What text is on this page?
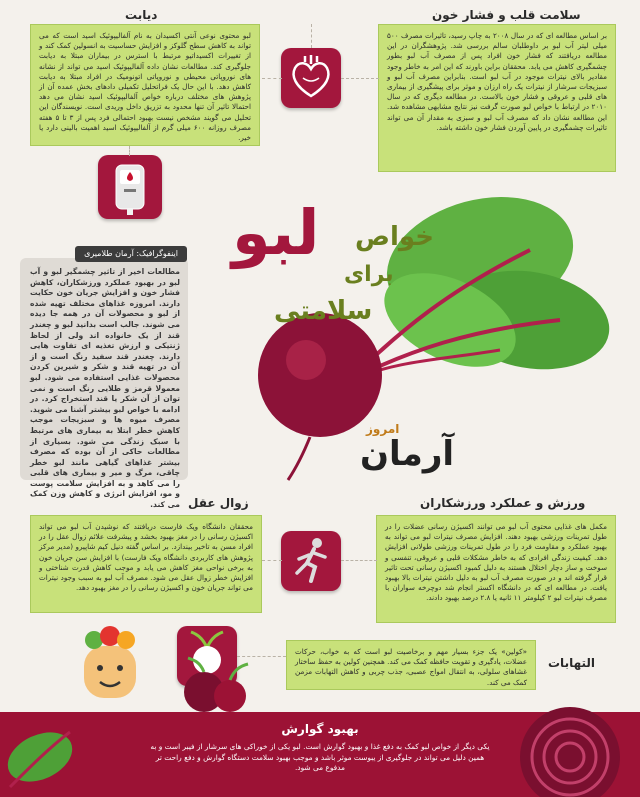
دیابت
لبو محتوی نوعی آنتی اکسیدان به نام آلفالیپوئیک اسید است که می تواند به کاهش سطح گلوکز و افزایش حساسیت به انسولین کمک کند و از تغییرات اکسیداتیو مرتبط با استرس در بیماران مبتلا به دیابت جلوگیری کند. مطالعات نشان داده آلفالیپوئیک اسید می تواند از نشانه های نوروپاتی محیطی و نوروپاتی اتونومیک در افراد مبتلا به دیابت کاهش دهد. با این حال یک فراتحلیل تکمیلی دادهای بخش عمده آن از پژوهش های مختلف درباره خواص آلفالیپوئیک اسید نشان می دهد احتمالا تاثیر آن تنها محدود به تزریق داخل وریدی است. نویسندگان این تحلیل می گویند مشخص نیست بهبود احتمالی فرد پس از ۳ تا ۵ هفته مصرف روزانه ۶۰۰ میلی گرم از آلفالیپوئیک اسید اهمیت بالینی دارد یا خیر.
سلامت قلب و فشار خون
بر اساس مطالعه ای که در سال ۲۰۰۸ به چاپ رسید، تاثیرات مصرف ۵۰۰ میلی لیتر آب لبو بر داوطلبان سالم بررسی شد. پژوهشگران در این مطالعه دریافتند که فشار خون افراد پس از مصرف آب لبو بطور چشمگیری کاهش می یابد. محققان براین باورند که این امر به خاطر وجود مقادیر بالای نیترات موجود در آب لبو است. بنابراین مصرف آب لبو و سبزیجات سرشار از نیترات یک راه ارزان و موثر برای پیشگیری از بیماری های قلبی و عروقی و فشار خون بالاست. در مطالعه دیگری که در سال ۲۰۱۰ در ارتباط با خواص لبو صورت گرفت نیز نتایج مشابهی مشاهده شد. این مطالعه نشان داد که مصرف آب لبو و سبزی به مقدار آن می تواند تاثیرات چشمگیری در پایین آوردن فشار خون داشته باشد.
اینفوگرافیک: آرمان طلامیری
مطالعات اخیر از تاثیر چشمگیر لبو و آب لبو در بهبود عملکرد ورزشکاران، کاهش فشار خون و افزایش جریان خون حکایت دارند. امروزه غذاهای مختلف تهیه شده از لبو و محصولات آن در همه جا دیده می شوند. جالب است بدانید لبو و چغندر قند از یک خانواده اند ولی از لحاظ ژنتیکی و ارزش تغذیه ای تفاوت هایی دارند. چغندر قند سفید رنگ است و از آن در تهیه قند و شکر و شیرین کردن محصولات غذایی استفاده می شود. لبو معمولا قرمز و طلایی رنگ است و نمی توان از آن شکر یا قند استخراج کرد. در ادامه با خواص لبو بیشتر آشنا می شوید. مصرف میوه ها و سبزیجات موجب کاهش خطر ابتلا به بیماری های مرتبط با سبک زندگی می شود. بسیاری از مطالعات حاکی از آن بوده که مصرف بیشتر غذاهای گیاهی مانند لبو خطر چاقی، مرگ و میر و بیماری های قلبی را می کاهد و به افزایش سلامت پوست و مو، افزایش انرژی و کاهش وزن کمک می کند.
خواص
لبو
برای
سلامتی
امروز
آرمان
زوال عقل
محققان دانشگاه ویک فارست دریافتند که نوشیدن آب لبو می تواند اکسیژن رسانی را در مغز بهبود بخشد و پیشرفت علائم زوال عقل را در افراد مسن به تاخیر بیندازد. بر اساس گفته دنیل کیم شاپیرو (مدیر مرکز پژوهش های کاربردی دانشگاه ویک فارست) با افزایش سن جریان خون به برخی نواحی مغز کاهش می یابد و موجب کاهش قدرت شناختی و افزایش خطر زوال عقل می شود. مصرف آب لبو به سبب وجود نیترات می تواند جریان خون و اکسیژن رسانی را در مغز بهبود دهد.
ورزش و عملکرد ورزشکاران
مکمل های غذایی محتوی آب لبو می توانند اکسیژن رسانی عضلات را در طول تمرینات ورزشی بهبود دهند. افزایش مصرف نیترات لبو می تواند به بهبود عملکرد و مقاومت فرد را در طول تمرینات ورزشی طولانی افزایش دهد. کیفیت زندگی افرادی که به خاطر مشکلات قلبی و عروقی، تنفسی و سوخت و ساز دچار اختلال هستند به دلیل کمبود اکسیژن رسانی تحت تاثیر قرار گرفته اند و در صورت مصرف آب لبو به دلیل داشتن نیترات بالا بهبود یافت. در مطالعه ای که در دانشگاه اکستر انجام شد دوچرخه سواران با مصرف نیترات لبو ۲ کیلومتر ۱۱ ثانیه یا ۲.۸ درصد بهبود دادند.
«کولین» یک جزء بسیار مهم و برخاصیت لبو است که به خواب، حرکات عضلات، یادگیری و تقویت حافظه کمک می کند. همچنین کولین به حفظ ساختار غشاهای سلولی، به انتقال امواج عصبی، جذب چربی و کاهش التهابات مزمن کمک می کند.
التهابات
بهبود گوارش
یکی دیگر از خواص لبو کمک به دفع غذا و بهبود گوارش است. لبو یکی از خوراکی های سرشار از فیبر است و به همین دلیل می تواند در جلوگیری از یبوست موثر باشد و موجب بهبود سلامت دستگاه گوارش و دفع راحت تر مدفوع می شود.
